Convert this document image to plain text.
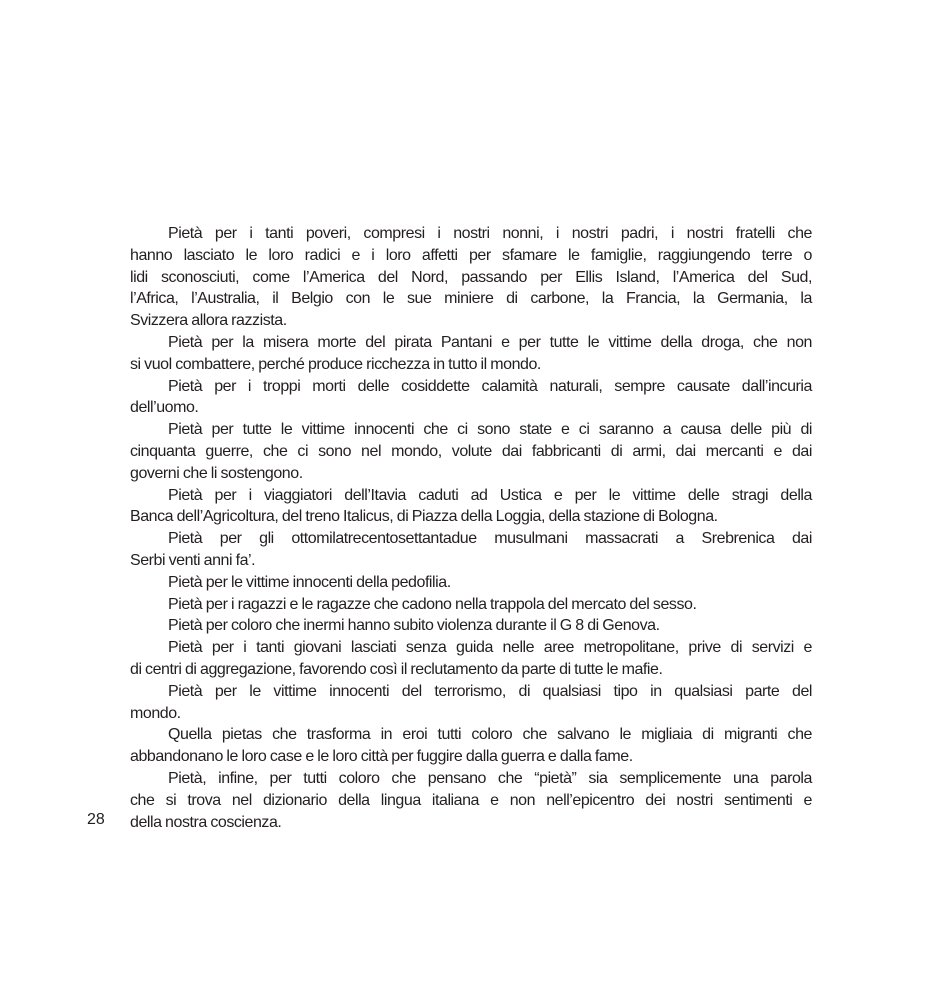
Pietà per i tanti poveri, compresi i nostri nonni, i nostri padri, i nostri fratelli che
hanno lasciato le loro radici e i loro affetti per sfamare le famiglie, raggiungendo terre o
lidi sconosciuti, come l’America del Nord, passando per Ellis Island, l’America del Sud,
l’Africa, l’Australia, il Belgio con le sue miniere di carbone, la Francia, la Germania, la
Svizzera allora razzista.
Pietà per la misera morte del pirata Pantani e per tutte le vittime della droga, che non
si vuol combattere, perché produce ricchezza in tutto il mondo.
Pietà per i troppi morti delle cosiddette calamità naturali, sempre causate dall’incuria
dell’uomo.
Pietà per tutte le vittime innocenti che ci sono state e ci saranno a causa delle più di
cinquanta guerre, che ci sono nel mondo, volute dai fabbricanti di armi, dai mercanti e dai
governi che li sostengono.
Pietà per i viaggiatori dell’Itavia caduti ad Ustica e per le vittime delle stragi della
Banca dell’Agricoltura, del treno Italicus, di Piazza della Loggia, della stazione di Bologna.
Pietà per gli ottomilatrecentosettantadue musulmani massacrati a Srebrenica dai
Serbi venti anni fa’.
Pietà per le vittime innocenti della pedofilia.
Pietà per i ragazzi e le ragazze che cadono nella trappola del mercato del sesso.
Pietà per coloro che inermi hanno subito violenza durante il G 8 di Genova.
Pietà per i tanti giovani lasciati senza guida nelle aree metropolitane, prive di servizi e
di centri di aggregazione, favorendo così il reclutamento da parte di tutte le mafie.
Pietà per le vittime innocenti del terrorismo, di qualsiasi tipo in qualsiasi parte del
mondo.
Quella pietas che trasforma in eroi tutti coloro che salvano le migliaia di migranti che
abbandonano le loro case e le loro città per fuggire dalla guerra e dalla fame.
Pietà, infine, per tutti coloro che pensano che “pietà” sia semplicemente una parola
che si trova nel dizionario della lingua italiana e non nell’epicentro dei nostri sentimenti e
della nostra coscienza.
28
